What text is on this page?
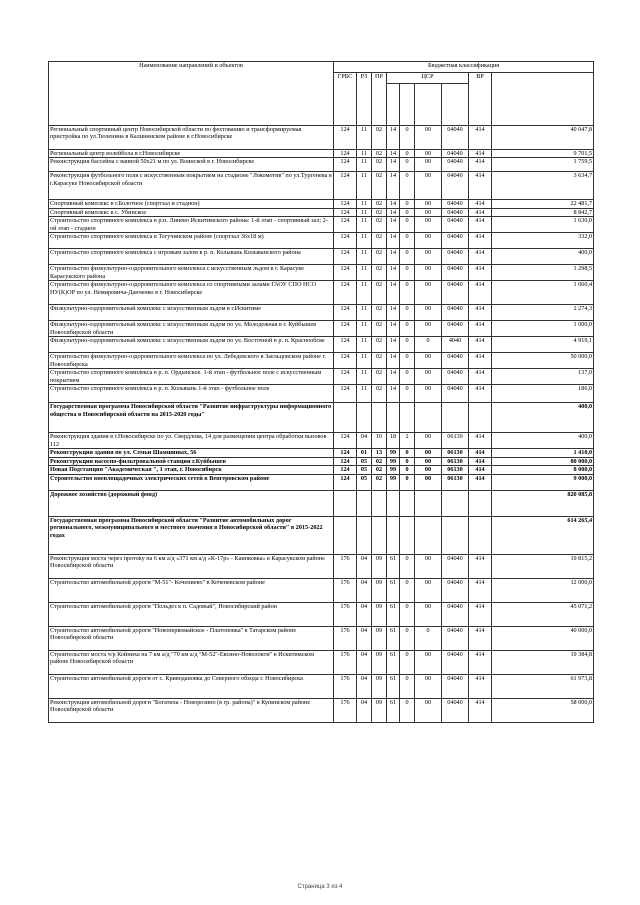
Наименование направлений и объектов	Бюджетная классификация	
	ГРБС	РЗ	ПР	ЦСР				ВР		

Региональный спортивный центр Новосибирской области по фехтованию и трансформируемая пристройка по ул.Тюленина в Калининском районе в г.Новосибирске	124	11	02	14	0	00	04040	414	40 047,8	
Региональный центр волейбола в г.Новосибирске	124	11	02	14	0	00	04040	414	9 701,5	
Реконструкция бассейна с ванной 50х21 м по ул. Воинской в г. Новосибирске	124	11	02	14	0	00	04040	414	1 759,5	
Реконструкция футбольного поля с искусственным покрытием на стадионе "Локомотив" по ул.Тургенева в г.Карасуке Новосибирской области	124	11	02	14	0	00	04040	414	3 634,7	
Спортивный комплекс в г.Болотное (спортзал и стадион)	124	11	02	14	0	00	04040	414	22 481,7	
Спортивный комплекс в с. Убинское	124	11	02	14	0	00	04040	414	8 842,7	
Строительство спортивного комплекса в р.п. Линево Искитимского района: 1-й этап - спортивный зал; 2-ой этап - стадион	124	11	02	14	0	00	04040	414	1 630,0	
Строительство спортивного комплекса в Тогучинском районе (спортзал 36х18 м)	124	11	02	14	0	00	04040	414	332,0	
Строительство спортивного комплекса с игровым залом в р. п. Колывань Колыванского района	124	11	02	14	0	00	04040	414	400,0	
Строительство физкультурно-оздоровительного комплекса с искусственным льдом в г. Карасуке Карасукского района	124	11	02	14	0	00	04040	414	1 298,5	
Строительство физкультурно-оздоровительного комплекса со спортивными залами ГАОУ СПО НСО НУ(К)ОР по ул. Немировича-Данченко в г. Новосибирске	124	11	02	14	0	00	04040	414	1 060,4	
Физкультурно-оздоровительный комплекс с искусственным льдом в г.Искитиме	124	11	02	14	0	00	04040	414	2 274,3	
Физкультурно-оздоровительный комплекс с искусственным льдом по ул. Молодежная в г. Куйбышев Новосибирской области	124	11	02	14	0	00	04040	414	1 000,0	
Физкультурно-оздоровительный комплекс с искусственным льдом по ул. Восточной в р. п. Краснообске	124	11	02	14	0	0	4040	414	4 919,1	
Строительство физкультурно-оздоровительного комплекса по ул. Лебедевского в Заельцовском районе г. Новосибирска	124	11	02	14	0	00	04040	414	50 000,0	
Строительство спортивного комплекса в р. п. Ордынское. 1-й этап - футбольное поле с искусственным покрытием	124	11	02	14	0	00	04040	414	137,0	
Строительство спортивного комплекса в р. п. Колывань 1-й этап - футбольное поле	124	11	02	14	0	00	04040	414	186,0	
Государственная программа Новосибирской области "Развитие инфраструктуры информационного общества в Новосибирской области на 2015-2020 годы"									400,0	
Реконструкция здания в г.Новосибирске по ул. Свердлова, 14 для размещения центра обработки вызовов 112	124	04	10	18	2	00	06130	414	400,0	
Реконструкция здания по ул. Семьи Шамшиных, 56	124	01	13	99	0	00	06130	414	1 410,0	
Реконструкция насосно-фильтровальной станции г.Куйбышев	124	05	02	99	0	00	06130	414	80 000,0	
Новая Подстанция "Академическая ", 1 этап, г. Новосибирск	124	05	02	99	0	00	06130	414	8 000,0	
Строительство внеплощадочных электрических сетей в Венгеровском районе	124	05	02	99	0	00	06130	414	9 000,0	
Дорожное хозяйство (дорожный фонд)									820 085,8	
Государственная программа Новосибирской области "Развитие автомобильных дорог регионального, межмуниципального и местного значения в Новосибирской области" в 2015-2022 годах									614 265,4	
Реконструкция моста через протоку на 6 км а/д «371 км а/д «К-17р» - Каинковка» в Карасукском районе Новосибирской области	176	04	09	61	0	00	04040	414	19 815,2	
Строительство автомобильной дороги "М-51"- Кочениево" в Коченевском районе	176	04	09	61	0	00	04040	414	12 000,0	
Строительство автомобильной дороги "Польдез к п. Садовый", Новосибирский район	176	04	09	61	0	00	04040	414	45 071,2	
Строительство автомобильной дороги "Новопервомайское - Платоновка" в Татарском районе Новосибирской области	176	04	09	61	0	0	04040	414	40 000,0	
Строительство моста ч/р Койниха на 7 км а/д "70 км а/д "М-52"-Евсино-Новолокти" в Искитимском районе Новосибирской области	176	04	09	61	0	00	04040	414	19 384,8	
Строительство автомобильной дороги от с. Криводановка до Северного обхода г. Новосибирска	176	04	09	61	0	00	04040	414	61 973,8	
Реконструкция автомобильной дороги "Богатиха - Новорозино (в гр. района)" в Купинском районе Новосибирской области	176	04	09	61	0	00	04040	414	58 000,0	
Страница 3 из 4
